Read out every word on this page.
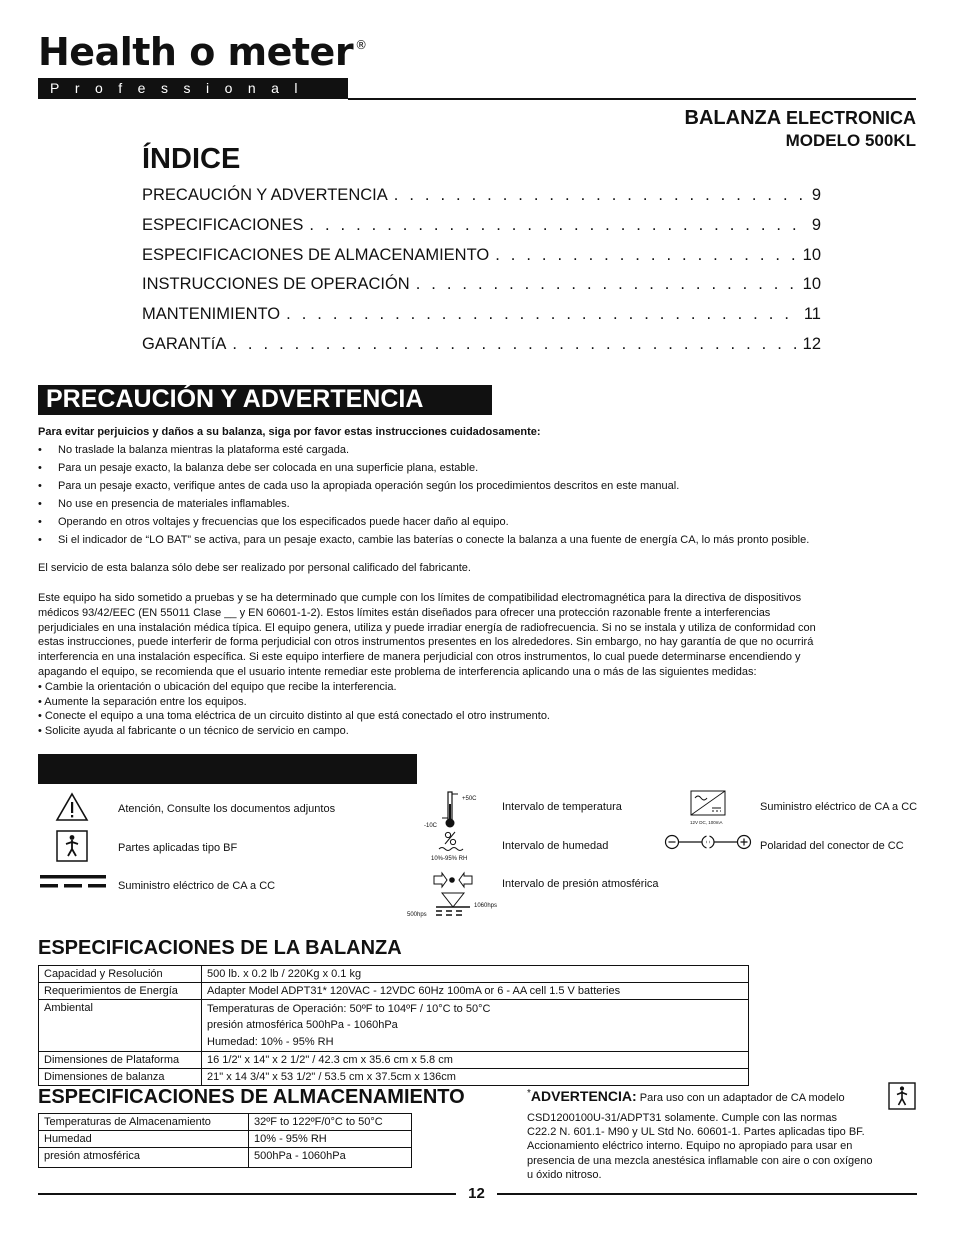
Health o meter ®
Professional
BALANZA ELECTRONICA
MODELO 500KL
ÍNDICE
PRECAUCIÓN Y ADVERTENCIA . . .	9
ESPECIFICACIONES . . .	9
ESPECIFICACIONES DE ALMACENAMIENTO . . .	10
INSTRUCCIONES DE OPERACIÓN . . .	10
MANTENIMIENTO . . .	11
GARANTíA . . .	12
PRECAUCIÓN Y ADVERTENCIA
Para evitar perjuicios y daños a su balanza, siga por favor estas instrucciones cuidadosamente:
• No traslade la balanza mientras la plataforma esté cargada.
• Para un pesaje exacto, la balanza debe ser colocada en una superficie plana, estable.
• Para un pesaje exacto, verifique antes de cada uso la apropiada operación según los procedimientos descritos en este manual.
• No use en presencia de materiales inflamables.
• Operando en otros voltajes y frecuencias que los especificados puede hacer daño al equipo.
• Si el indicador de “LO BAT” se activa, para un pesaje exacto, cambie las baterías o conecte la balanza a una fuente de energía CA, lo más pronto posible.
El servicio de esta balanza sólo debe ser realizado por personal calificado del fabricante.
Este equipo ha sido sometido a pruebas y se ha determinado que cumple con los límites de compatibilidad electromagnética para la directiva de dispositivos
médicos 93/42/EEC (EN 55011 Clase __ y EN 60601-1-2). Estos límites están diseñados para ofrecer una protección razonable frente a interferencias
perjudiciales en una instalación médica típica. El equipo genera, utiliza y puede irradiar energía de radiofrecuencia. Si no se instala y utiliza de conformidad con
estas instrucciones, puede interferir de forma perjudicial con otros instrumentos presentes en los alrededores. Sin embargo, no hay garantía de que no ocurrirá
interferencia en una instalación específica. Si este equipo interfiere de manera perjudicial con otros instrumentos, lo cual puede determinarse encendiendo y
apagando el equipo, se recomienda que el usuario intente remediar este problema de interferencia aplicando una o más de las siguientes medidas:
• Cambie la orientación o ubicación del equipo que recibe la interferencia.
• Aumente la separación entre los equipos.
• Conecte el equipo a una toma eléctrica de un circuito distinto al que está conectado el otro instrumento.
• Solicite ayuda al fabricante o un técnico de servicio en campo.
Atención, Consulte los documentos adjuntos
Partes aplicadas tipo BF
Suministro eléctrico de CA a CC
+50C
-10C
Intervalo de temperatura
10%-95% RH
Intervalo de humedad
500hps
1060hps
Intervalo de presión atmosférica
12V DC, 100mA
Suministro eléctrico de CA a CC
Polaridad del conector de CC
ESPECIFICACIONES DE LA BALANZA
Capacidad y Resolución	500 lb. x 0.2 lb / 220Kg x 0.1 kg
Requerimientos de Energía	Adapter Model ADPT31* 120VAC - 12VDC 60Hz 100mA or 6 - AA cell 1.5 V batteries
Ambiental	Temperaturas de Operación: 50ºF to 104ºF / 10°C to 50°C
presión atmosférica 500hPa - 1060hPa
Humedad: 10% - 95% RH

Dimensiones de Plataforma	16 1/2" x 14" x 2 1/2" / 42.3 cm x 35.6 cm x 5.8 cm
Dimensiones de balanza	21" x 14 3/4" x 53 1/2" / 53.5 cm x 37.5cm x 136cm
ESPECIFICACIONES DE ALMACENAMIENTO
Temperaturas de Almacenamiento	32ºF to 122ºF/0°C to 50°C
Humedad	10% - 95% RH
presión atmosférica	500hPa - 1060hPa
*ADVERTENCIA: Para uso con un adaptador de CA modelo
CSD1200100U-31/ADPT31 solamente. Cumple con las normas
C22.2 N. 601.1- M90 y UL Std No. 60601-1. Partes aplicadas tipo BF.
Accionamiento eléctrico interno. Equipo no apropiado para usar en
presencia de una mezcla anestésica inflamable con aire o con oxígeno
u óxido nitroso.
12
